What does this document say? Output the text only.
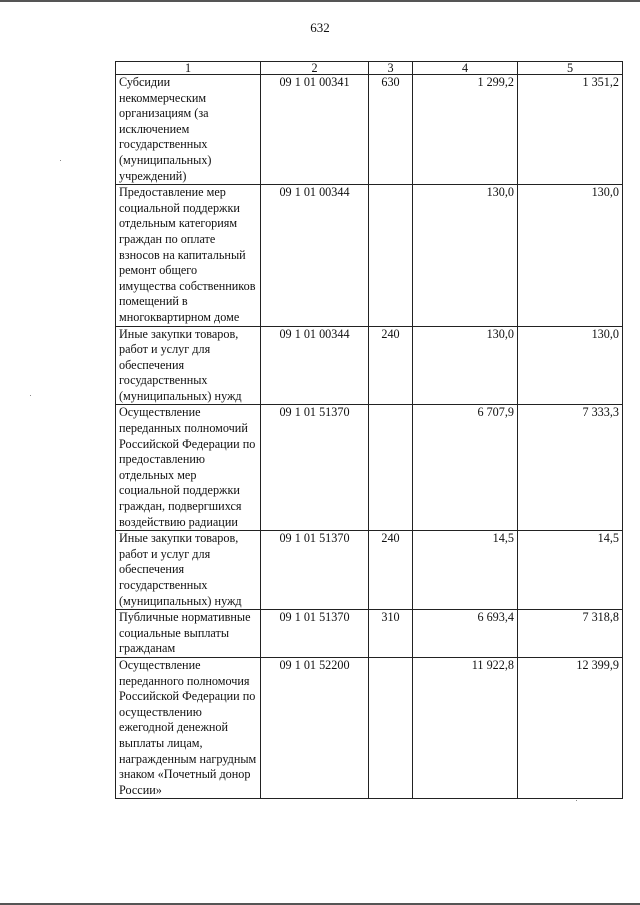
632
1	2	3	4	5
Субсидии некоммерческим организациям (за исключением государственных (муниципальных) учреждений)	09 1 01 00341	630	1 299,2	1 351,2
Предоставление мер социальной поддержки отдельным категориям граждан по оплате взносов на капитальный ремонт общего имущества собственников помещений в многоквартирном доме	09 1 01 00344		130,0	130,0
Иные закупки товаров, работ и услуг для обеспечения государственных (муниципальных) нужд	09 1 01 00344	240	130,0	130,0
Осуществление переданных полномочий Российской Федерации по предоставлению отдельных мер социальной поддержки граждан, подвергшихся воздействию радиации	09 1 01 51370		6 707,9	7 333,3
Иные закупки товаров, работ и услуг для обеспечения государственных (муниципальных) нужд	09 1 01 51370	240	14,5	14,5
Публичные нормативные социальные выплаты гражданам	09 1 01 51370	310	6 693,4	7 318,8
Осуществление переданного полномочия Российской Федерации по осуществлению ежегодной денежной выплаты лицам, награжденным нагрудным знаком «Почетный донор России»	09 1 01 52200		11 922,8	12 399,9
